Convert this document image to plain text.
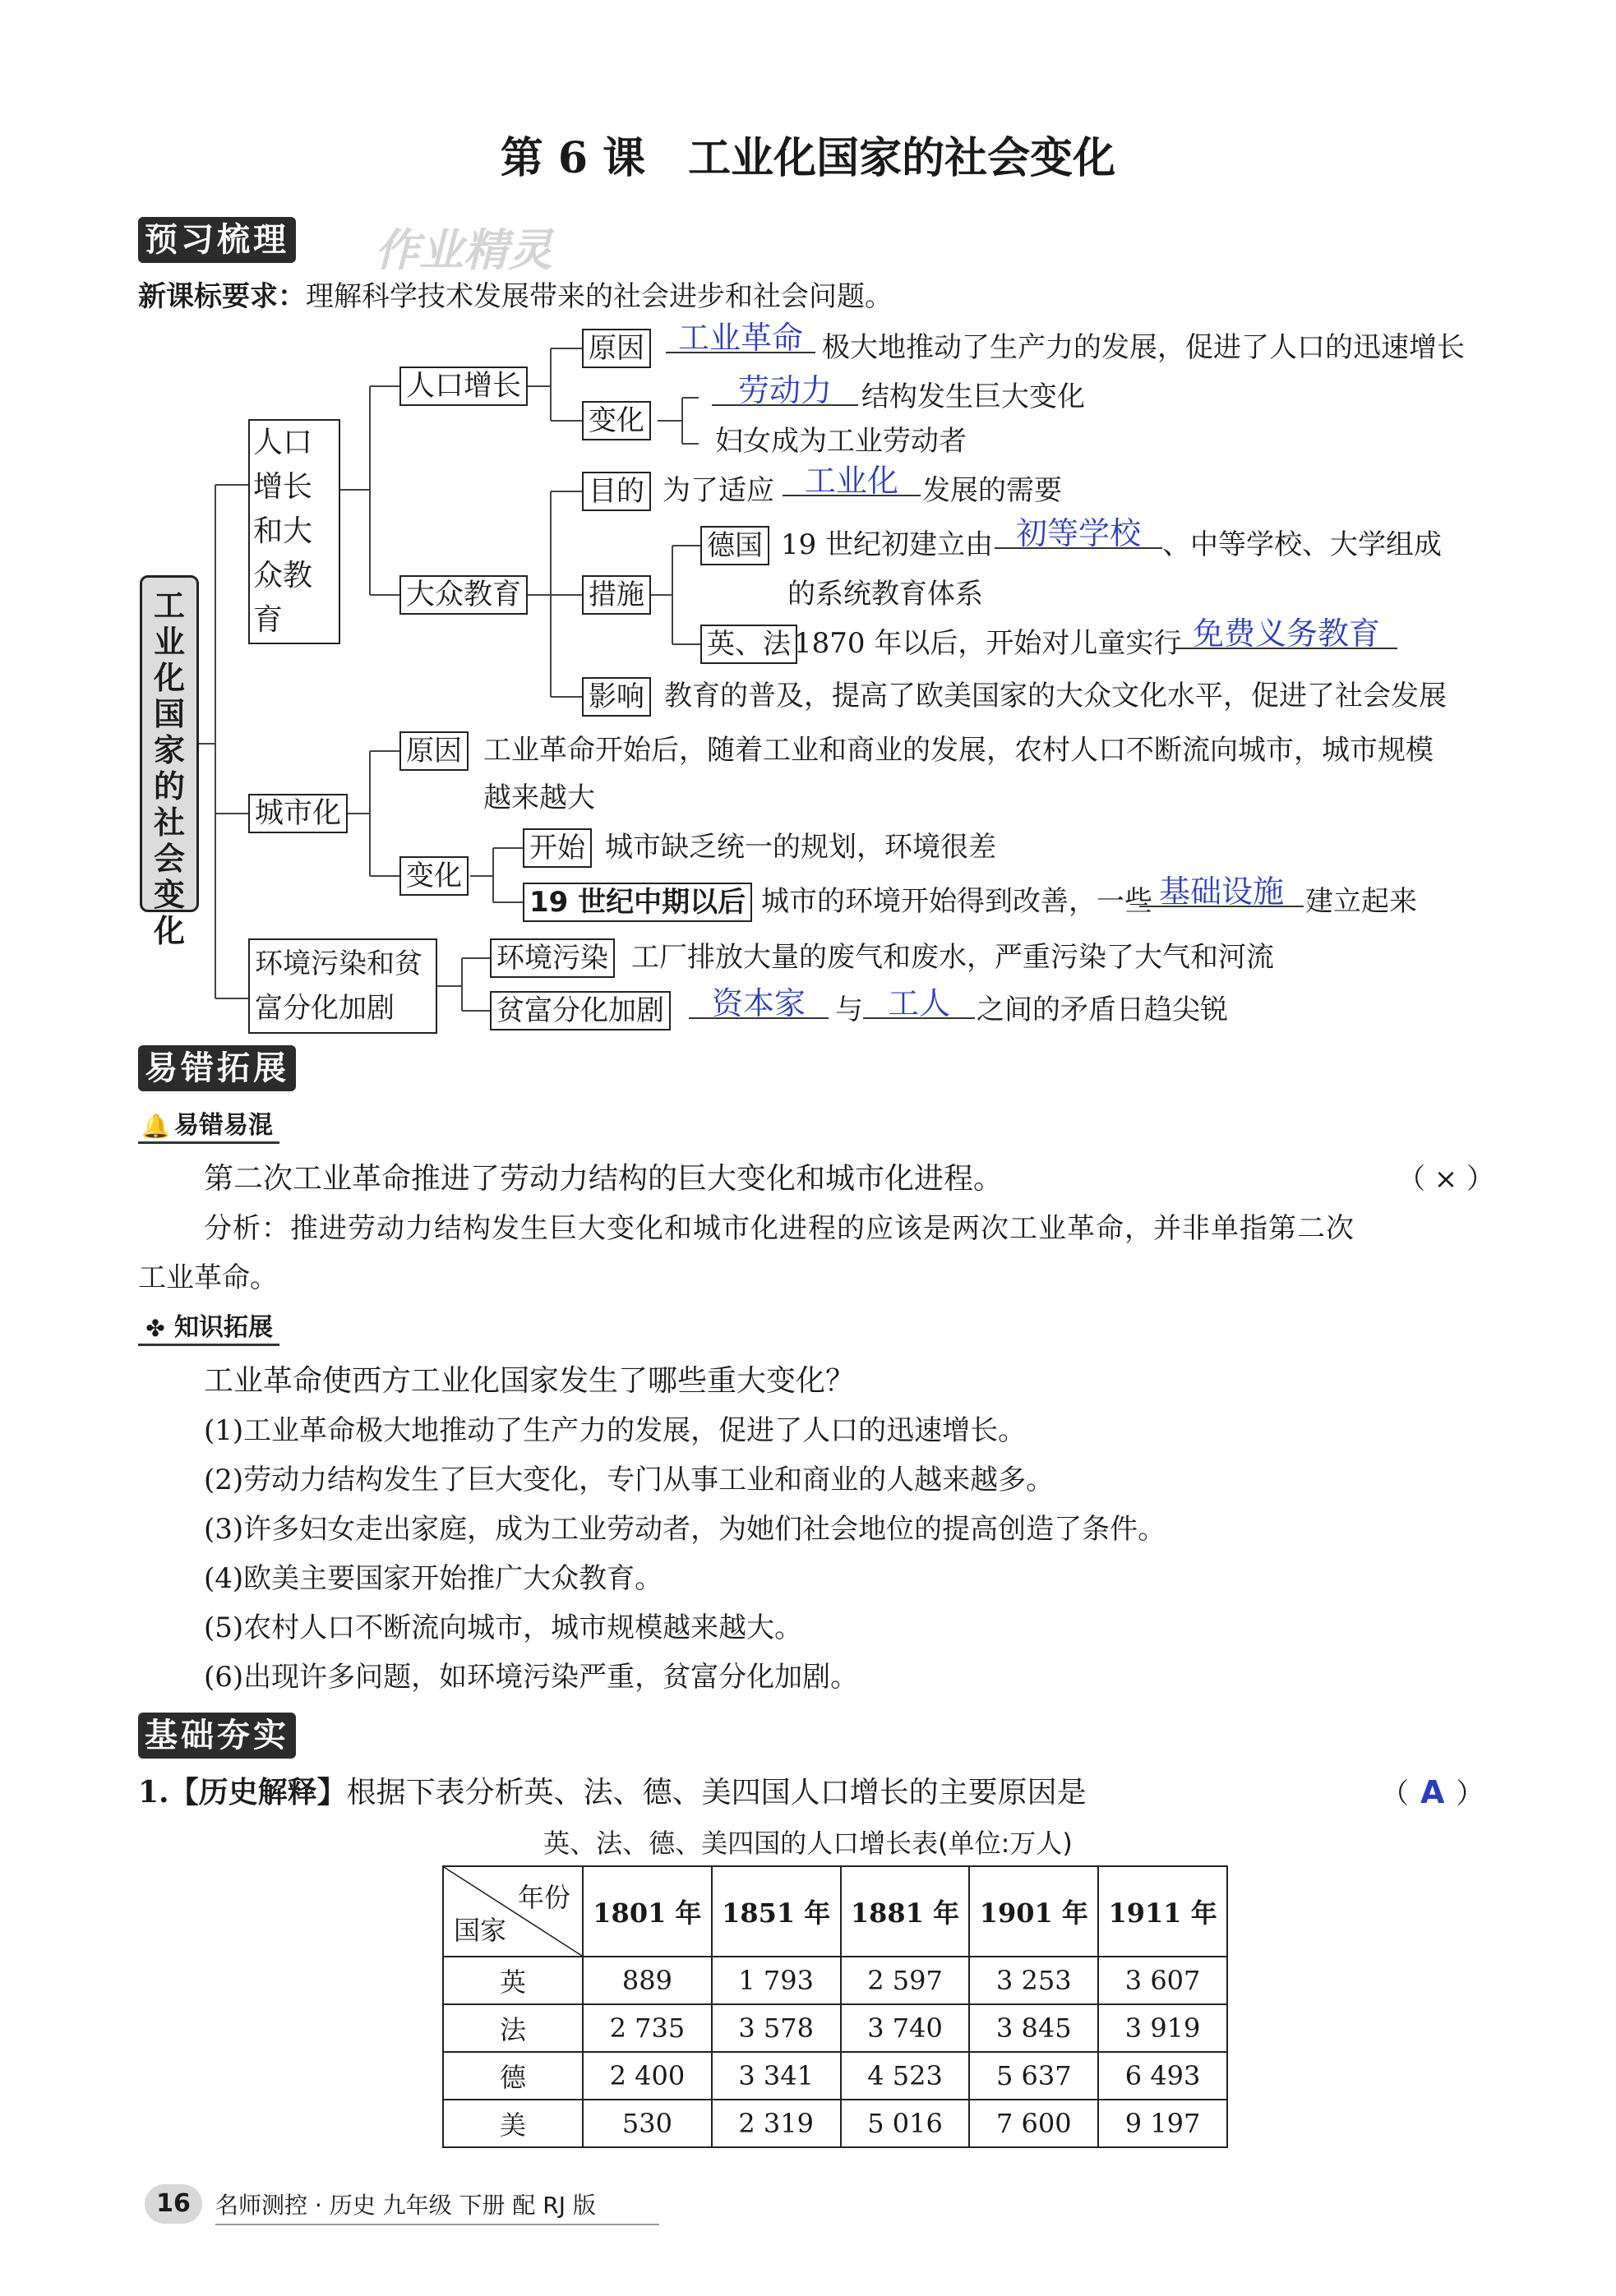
第 6 课　工业化国家的社会变化
预习梳理 作业精灵
新课标要求：理解科学技术发展带来的社会进步和社会问题。
工业化国家的社会变化
人口增长和大众教育
人口增长
原因	工业革命 极大地推动了生产力的发展，促进了人口的迅速增长
变化
劳动力	结构发生巨大变化
妇女成为工业劳动者
大众教育
目的 为了适应 工业化 发展的需要
措施
德国 19 世纪初建立由 初等学校 、中等学校、大学组成
的系统教育体系
英、法 1870 年以后，开始对儿童实行 免费义务教育
影响 教育的普及，提高了欧美国家的大众文化水平，促进了社会发展
城市化
原因 工业革命开始后，随着工业和商业的发展，农村人口不断流向城市，城市规模
越来越大
变化
开始 城市缺乏统一的规划，环境很差
19 世纪中期以后 城市的环境开始得到改善，一些 基础设施 建立起来
环境污染和贫富分化加剧
环境污染 工厂排放大量的废气和废水，严重污染了大气和河流
贫富分化加剧	资本家	与 工人 之间的矛盾日趋尖锐
易错拓展
🔔 易错易混
第二次工业革命推进了劳动力结构的巨大变化和城市化进程。	（ × ）
分析：推进劳动力结构发生巨大变化和城市化进程的应该是两次工业革命，并非单指第二次
工业革命。
✤ 知识拓展
工业革命使西方工业化国家发生了哪些重大变化？
(1)工业革命极大地推动了生产力的发展，促进了人口的迅速增长。
(2)劳动力结构发生了巨大变化，专门从事工业和商业的人越来越多。
(3)许多妇女走出家庭，成为工业劳动者，为她们社会地位的提高创造了条件。
(4)欧美主要国家开始推广大众教育。
(5)农村人口不断流向城市，城市规模越来越大。
(6)出现许多问题，如环境污染严重，贫富分化加剧。
基础夯实
1.【历史解释】根据下表分析英、法、德、美四国人口增长的主要原因是	（ A ）
英、法、德、美四国的人口增长表(单位:万人)
年份
国家	1801 年	1851 年	1881 年	1901 年	1911 年
英	889	1 793	2 597	3 253	3 607
法	2 735	3 578	3 740	3 845	3 919
德	2 400	3 341	4 523	5 637	6 493
美	530	2 319	5 016	7 600	9 197
16	名师测控 · 历史 九年级 下册 配 RJ 版
